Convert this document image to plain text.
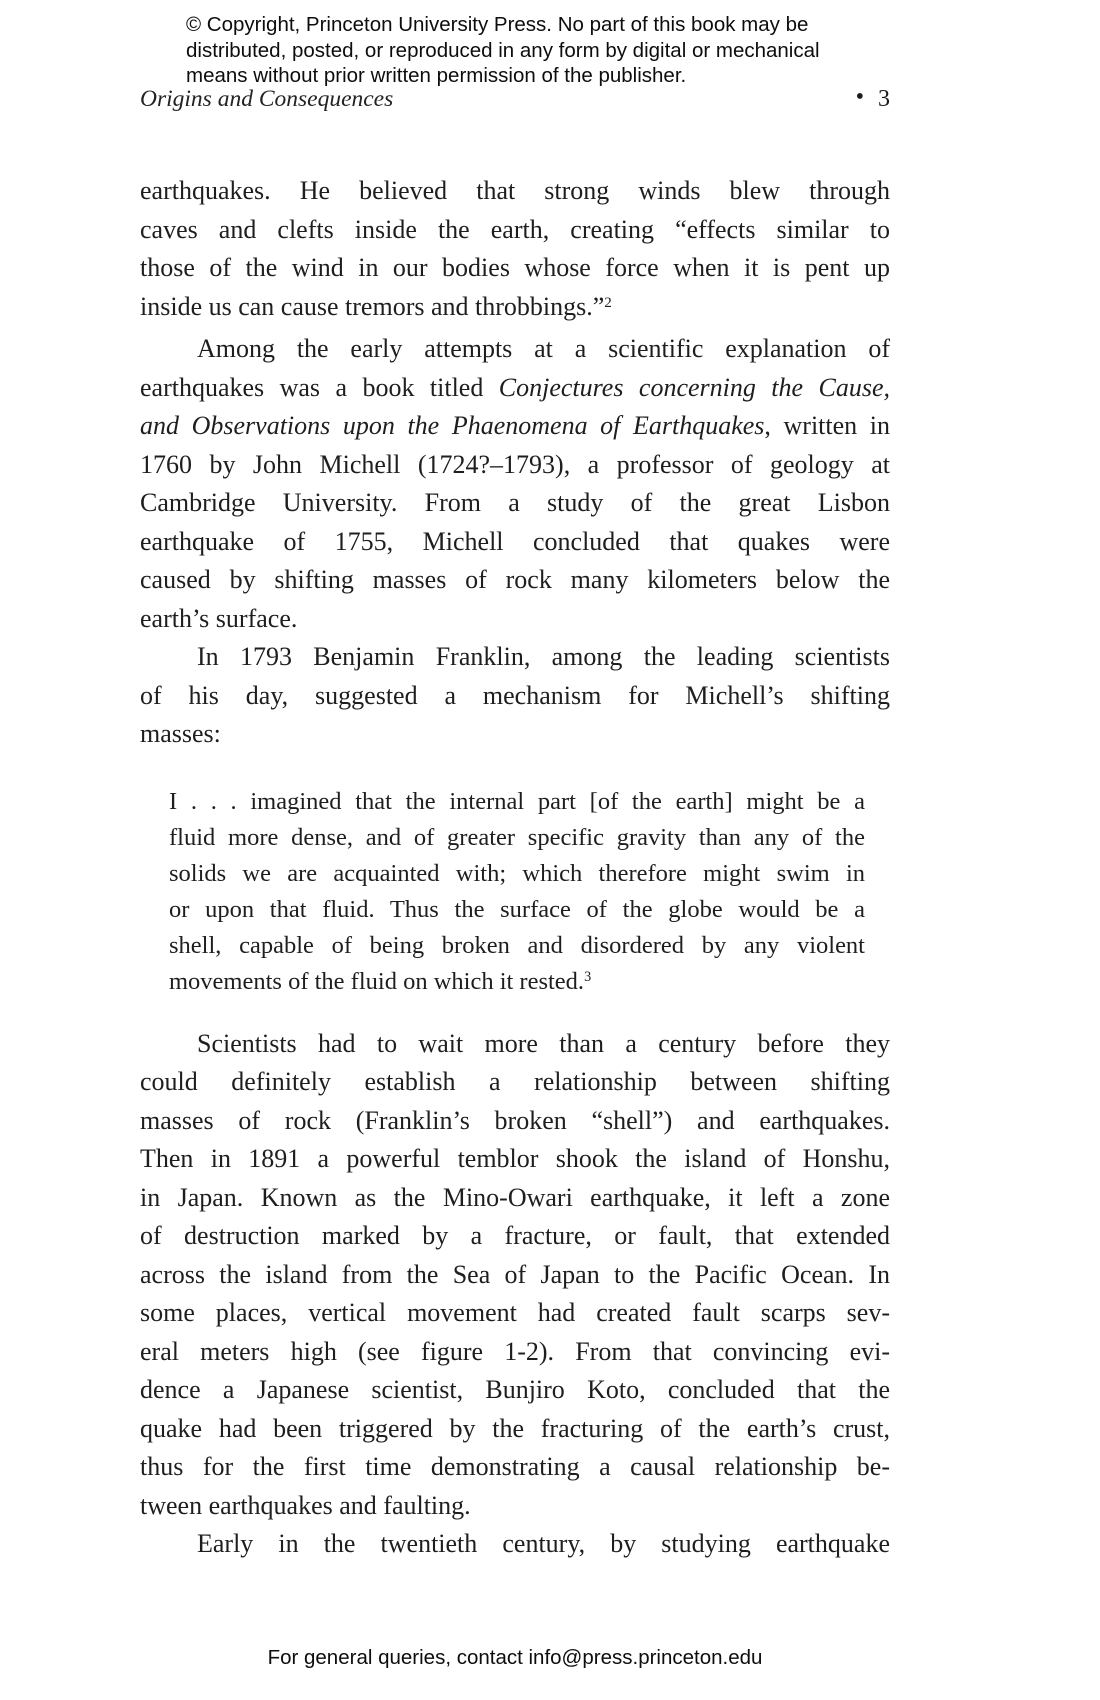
© Copyright, Princeton University Press. No part of this book may be
distributed, posted, or reproduced in any form by digital or mechanical
means without prior written permission of the publisher.
Origins and Consequences	• 3
earthquakes. He believed that strong winds blew through
caves and clefts inside the earth, creating “effects similar to
those of the wind in our bodies whose force when it is pent up
inside us can cause tremors and throbbings.”$^2$
Among the early attempts at a scientific explanation of
earthquakes was a book titled Conjectures concerning the Cause,
and Observations upon the Phaenomena of Earthquakes, written in
1760 by John Michell (1724?–1793), a professor of geology at
Cambridge University. From a study of the great Lisbon
earthquake of 1755, Michell concluded that quakes were
caused by shifting masses of rock many kilometers below the
earth’s surface.
In 1793 Benjamin Franklin, among the leading scientists
of his day, suggested a mechanism for Michell’s shifting
masses:
I . . . imagined that the internal part [of the earth] might be a
fluid more dense, and of greater specific gravity than any of the
solids we are acquainted with; which therefore might swim in
or upon that fluid. Thus the surface of the globe would be a
shell, capable of being broken and disordered by any violent
movements of the fluid on which it rested.$^3$
Scientists had to wait more than a century before they
could definitely establish a relationship between shifting
masses of rock (Franklin’s broken “shell”) and earthquakes.
Then in 1891 a powerful temblor shook the island of Honshu,
in Japan. Known as the Mino-Owari earthquake, it left a zone
of destruction marked by a fracture, or fault, that extended
across the island from the Sea of Japan to the Pacific Ocean. In
some places, vertical movement had created fault scarps sev-
eral meters high (see figure 1-2). From that convincing evi-
dence a Japanese scientist, Bunjiro Koto, concluded that the
quake had been triggered by the fracturing of the earth’s crust,
thus for the first time demonstrating a causal relationship be-
tween earthquakes and faulting.
Early in the twentieth century, by studying earthquake
For general queries, contact info@press.princeton.edu
